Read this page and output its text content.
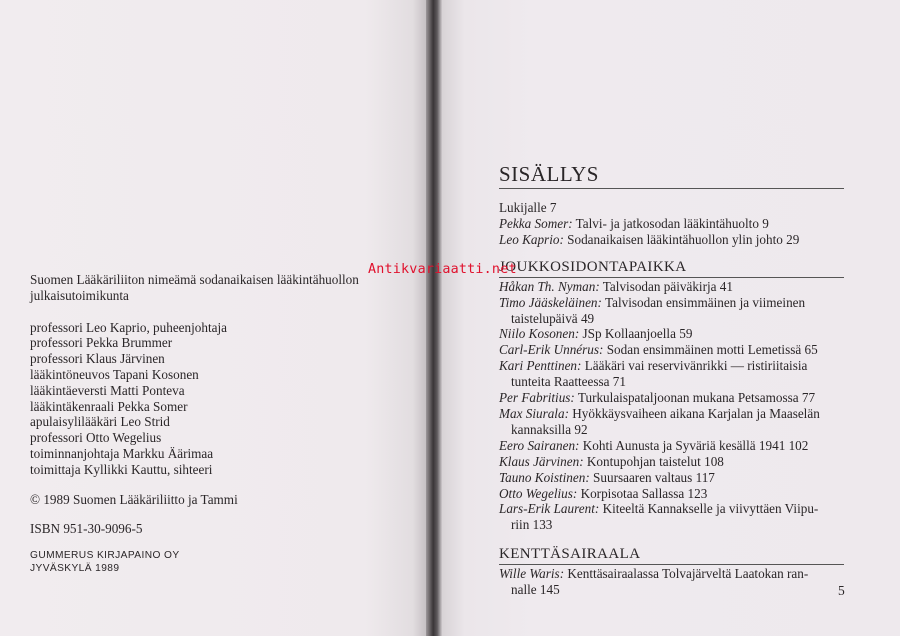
Suomen Lääkäriliiton nimeämä sodanaikaisen lääkintähuollon julkaisutoimikunta

professori Leo Kaprio, puheenjohtaja
professori Pekka Brummer
professori Klaus Järvinen
lääkintöneuvos Tapani Kosonen
lääkintäeversti Matti Ponteva
lääkintäkenraali Pekka Somer
apulaisylilääkäri Leo Strid
professori Otto Wegelius
toiminnanjohtaja Markku Äärimaa
toimittaja Kyllikki Kauttu, sihteeri

© 1989 Suomen Lääkäriliitto ja Tammi

ISBN 951-30-9096-5

GUMMERUS KIRJAPAINO OY
JYVÄSKYLÄ 1989
SISÄLLYS

Lukijalle 7

Pekka Somer: Talvi- ja jatkosodan lääkintähuolto 9

Leo Kaprio: Sodanaikaisen lääkintähuollon ylin johto 29

JOUKKOSIDONTAPAIKKA

Håkan Th. Nyman: Talvisodan päiväkirja 41

Timo Jääskeläinen: Talvisodan ensimmäinen ja viimeinen
taistelupäivä 49

Niilo Kosonen: JSp Kollaanjoella 59

Carl-Erik Unnérus: Sodan ensimmäinen motti Lemetissä 65

Kari Penttinen: Lääkäri vai reservivänrikki — ristiriitaisia
tunteita Raatteessa 71

Per Fabritius: Turkulaispataljoonan mukana Petsamossa 77

Max Siurala: Hyökkäysvaiheen aikana Karjalan ja Maaselän
kannaksilla 92

Eero Sairanen: Kohti Aunusta ja Syväriä kesällä 1941 102

Klaus Järvinen: Kontupohjan taistelut 108

Tauno Koistinen: Suursaaren valtaus 117

Otto Wegelius: Korpisotaa Sallassa 123

Lars-Erik Laurent: Kiteeltä Kannakselle ja viivyttäen Viipu-
riin 133

KENTTÄSAIRAALA

Wille Waris: Kenttäsairaalassa Tolvajärveltä Laatokan ran-
nalle 145	5
Antikvariaatti.net
